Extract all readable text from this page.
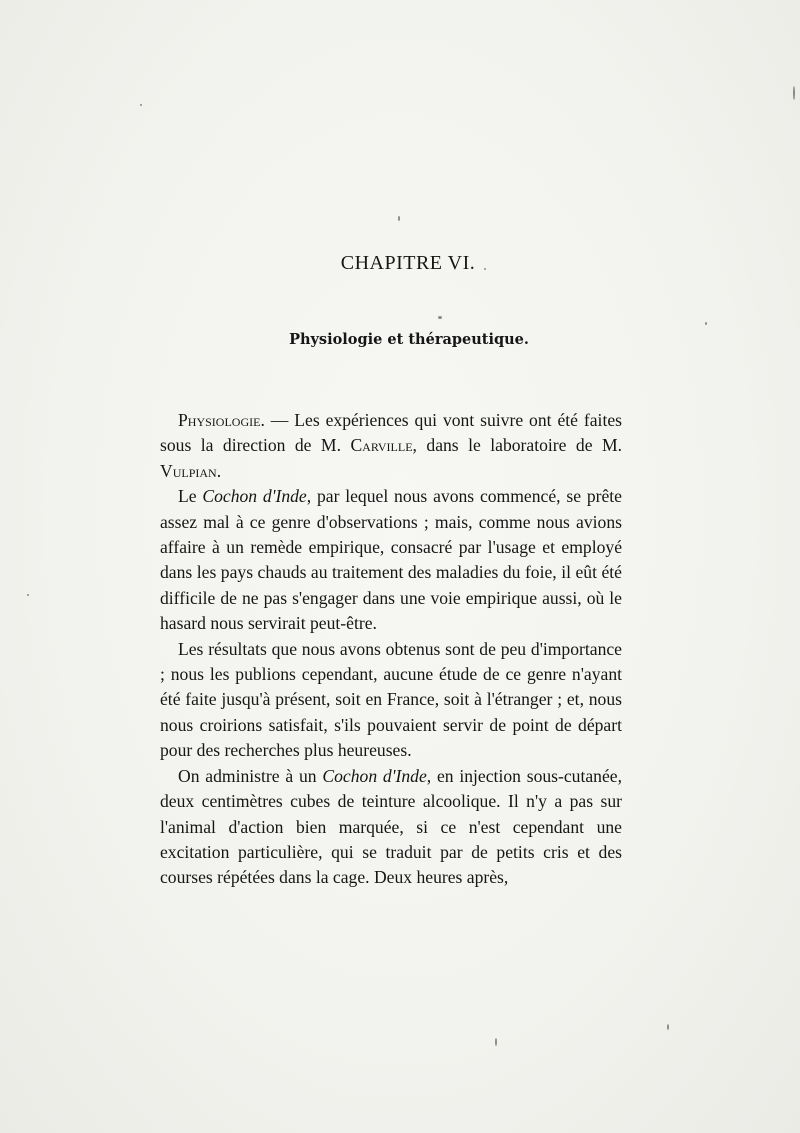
CHAPITRE VI.
Physiologie et thérapeutique.

Physiologie. — Les expériences qui vont suivre ont été faites sous la direction de M. Carville, dans le laboratoire de M. Vulpian.

Le Cochon d'Inde, par lequel nous avons commencé, se prête assez mal à ce genre d'observations ; mais, comme nous avions affaire à un remède empirique, consacré par l'usage et employé dans les pays chauds au traitement des maladies du foie, il eût été difficile de ne pas s'engager dans une voie empirique aussi, où le hasard nous servirait peut-être.

Les résultats que nous avons obtenus sont de peu d'importance ; nous les publions cependant, aucune étude de ce genre n'ayant été faite jusqu'à présent, soit en France, soit à l'étranger ; et, nous nous croirions satisfait, s'ils pouvaient servir de point de départ pour des recherches plus heureuses.

On administre à un Cochon d'Inde, en injection sous-cutanée, deux centimètres cubes de teinture alcoolique. Il n'y a pas sur l'animal d'action bien marquée, si ce n'est cependant une excitation particulière, qui se traduit par de petits cris et des courses répétées dans la cage. Deux heures après,
